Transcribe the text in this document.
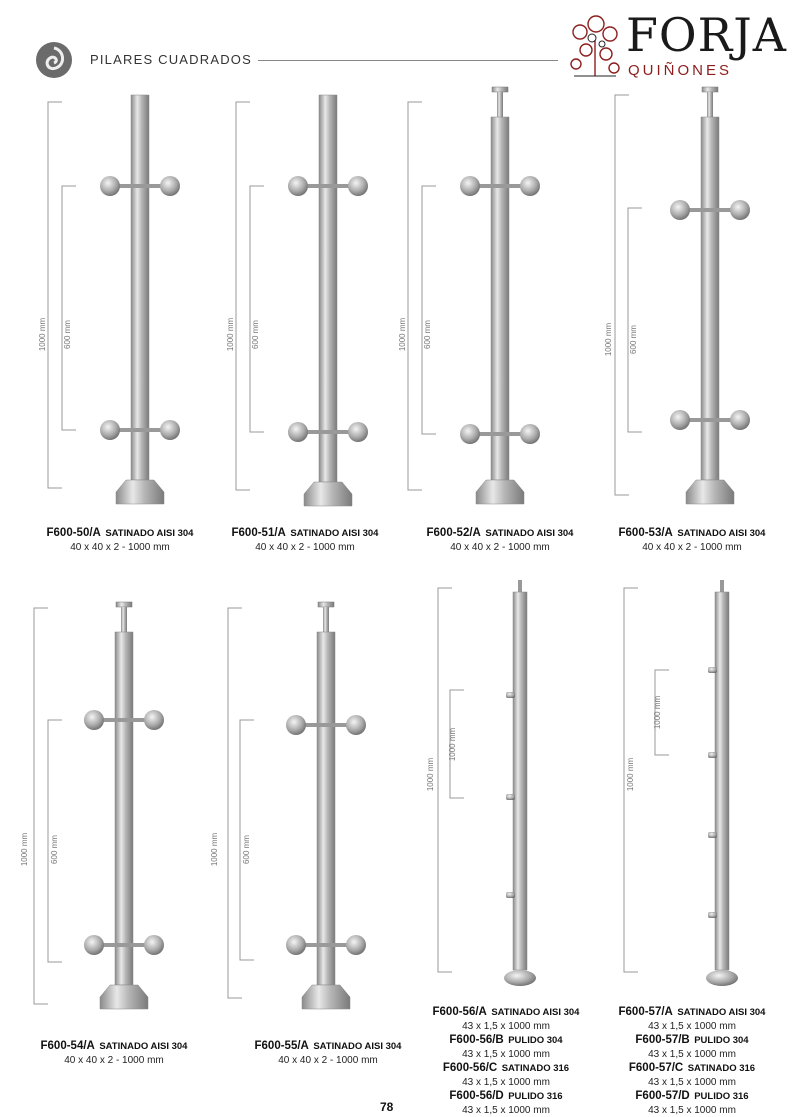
PILARES CUADRADOS	FORJA
QUIÑONES
1000 mm 600 mm	1000 mm 600 mm	1000 mm 600 mm	1000 mm 600 mm
1000 mm	600 mm	1000 mm	600 mm
1000 mm
1000 mm
1000 mm
1000 mm
F600-50/A SATINADO AISI 304
40 x 40 x 2 - 1000 mm
F600-51/A SATINADO AISI 304
40 x 40 x 2 - 1000 mm
F600-52/A SATINADO AISI 304
40 x 40 x 2 - 1000 mm
F600-53/A SATINADO AISI 304
40 x 40 x 2 - 1000 mm
F600-54/A SATINADO AISI 304
40 x 40 x 2 - 1000 mm
F600-55/A SATINADO AISI 304
40 x 40 x 2 - 1000 mm
F600-56/A SATINADO AISI 304
43 x 1,5 x 1000 mm
F600-56/B PULIDO 304
43 x 1,5 x 1000 mm
F600-56/C SATINADO 316
43 x 1,5 x 1000 mm
F600-56/D PULIDO 316
43 x 1,5 x 1000 mm
F600-57/A SATINADO AISI 304
43 x 1,5 x 1000 mm
F600-57/B PULIDO 304
43 x 1,5 x 1000 mm
F600-57/C SATINADO 316
43 x 1,5 x 1000 mm
F600-57/D PULIDO 316
43 x 1,5 x 1000 mm
78
